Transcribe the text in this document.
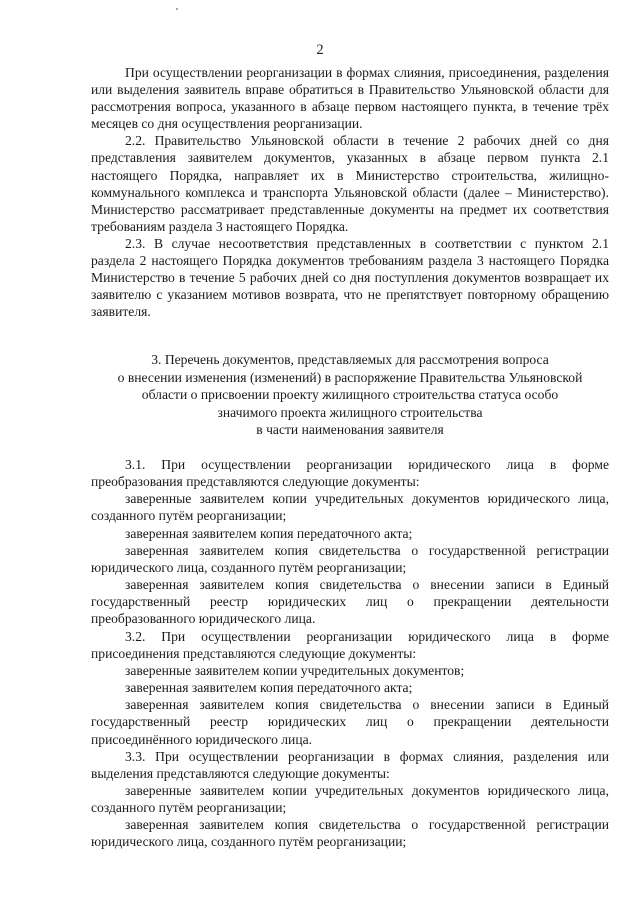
2

При осуществлении реорганизации в формах слияния, присоединения, разделения или выделения заявитель вправе обратиться в Правительство Ульяновской области для рассмотрения вопроса, указанного в абзаце первом настоящего пункта, в течение трёх месяцев со дня осуществления реорганизации.

2.2. Правительство Ульяновской области в течение 2 рабочих дней со дня представления заявителем документов, указанных в абзаце первом пункта 2.1 настоящего Порядка, направляет их в Министерство строительства, жилищно-коммунального комплекса и транспорта Ульяновской области (далее – Министерство). Министерство рассматривает представленные документы на предмет их соответствия требованиям раздела 3 настоящего Порядка.

2.3. В случае несоответствия представленных в соответствии с пунктом 2.1 раздела 2 настоящего Порядка документов требованиям раздела 3 настоящего Порядка Министерство в течение 5 рабочих дней со дня поступления документов возвращает их заявителю с указанием мотивов возврата, что не препятствует повторному обращению заявителя.

3. Перечень документов, представляемых для рассмотрения вопроса
о внесении изменения (изменений) в распоряжение Правительства Ульяновской
области о присвоении проекту жилищного строительства статуса особо
значимого проекта жилищного строительства
в части наименования заявителя

3.1. При осуществлении реорганизации юридического лица в форме преобразования представляются следующие документы:

заверенные заявителем копии учредительных документов юридического лица, созданного путём реорганизации;

заверенная заявителем копия передаточного акта;

заверенная заявителем копия свидетельства о государственной регистрации юридического лица, созданного путём реорганизации;

заверенная заявителем копия свидетельства о внесении записи в Единый государственный реестр юридических лиц о прекращении деятельности преобразованного юридического лица.

3.2. При осуществлении реорганизации юридического лица в форме присоединения представляются следующие документы:

заверенные заявителем копии учредительных документов;

заверенная заявителем копия передаточного акта;

заверенная заявителем копия свидетельства о внесении записи в Единый государственный реестр юридических лиц о прекращении деятельности присоединённого юридического лица.

3.3. При осуществлении реорганизации в формах слияния, разделения или выделения представляются следующие документы:

заверенные заявителем копии учредительных документов юридического лица, созданного путём реорганизации;

заверенная заявителем копия свидетельства о государственной регистрации юридического лица, созданного путём реорганизации;
